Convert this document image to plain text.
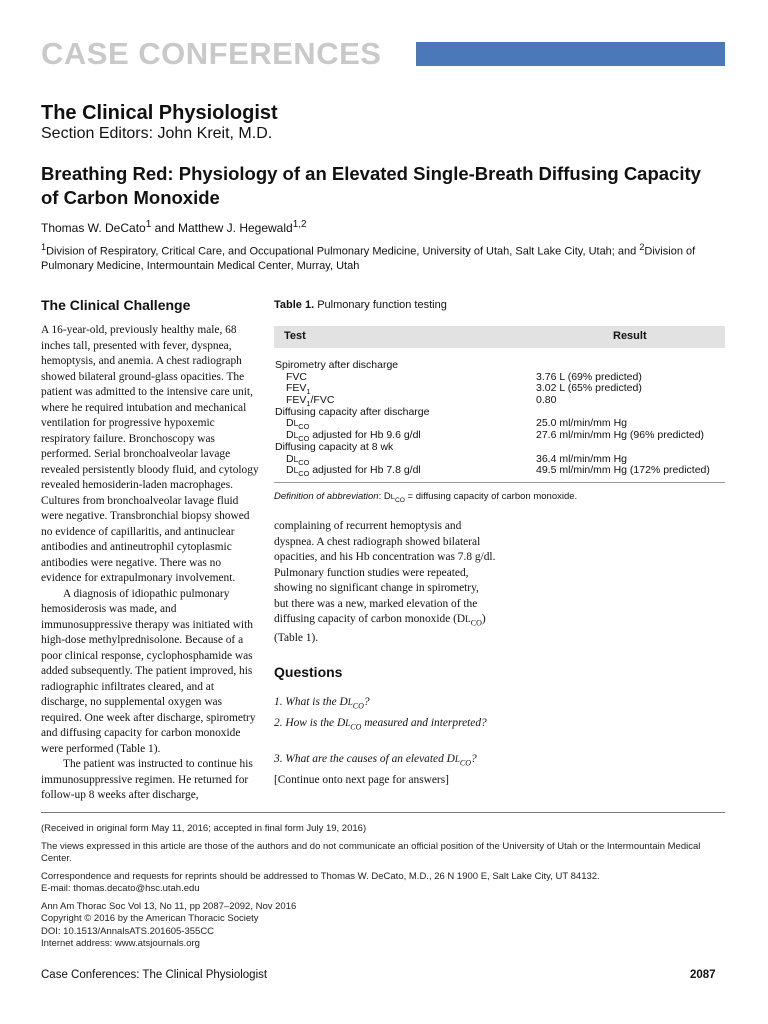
CASE CONFERENCES
The Clinical Physiologist
Section Editors: John Kreit, M.D.
Breathing Red: Physiology of an Elevated Single-Breath Diffusing Capacity of Carbon Monoxide
Thomas W. DeCato$^1$ and Matthew J. Hegewald$^{1,2}$
$^1$Division of Respiratory, Critical Care, and Occupational Pulmonary Medicine, University of Utah, Salt Lake City, Utah; and $^2$Division of Pulmonary Medicine, Intermountain Medical Center, Murray, Utah
The Clinical Challenge

A 16-year-old, previously healthy male, 68 inches tall, presented with fever, dyspnea, hemoptysis, and anemia. A chest radiograph showed bilateral ground-glass opacities. The patient was admitted to the intensive care unit, where he required intubation and mechanical ventilation for progressive hypoxemic respiratory failure. Bronchoscopy was performed. Serial bronchoalveolar lavage revealed persistently bloody fluid, and cytology revealed hemosiderin-laden macrophages. Cultures from bronchoalveolar lavage fluid were negative. Transbronchial biopsy showed no evidence of capillaritis, and antinuclear antibodies and antineutrophil cytoplasmic antibodies were negative. There was no evidence for extrapulmonary involvement.

A diagnosis of idiopathic pulmonary hemosiderosis was made, and immunosuppressive therapy was initiated with high-dose methylprednisolone. Because of a poor clinical response, cyclophosphamide was added subsequently. The patient improved, his radiographic infiltrates cleared, and at discharge, no supplemental oxygen was required. One week after discharge, spirometry and diffusing capacity for carbon monoxide were performed (Table 1).

The patient was instructed to continue his immunosuppressive regimen. He returned for follow-up 8 weeks after discharge,

Table 1. Pulmonary function testing
Test	Result
Spirometry after discharge
FVC	3.76 L (69% predicted)
$FEV_1$	3.02 L (65% predicted)
$FEV_1$/FVC	0.80
Diffusing capacity after discharge
$DL_{CO}$	25.0 ml/min/mm Hg
$DL_{CO}$ adjusted for Hb 9.6 g/dl	27.6 ml/min/mm Hg (96% predicted)
Diffusing capacity at 8 wk
$DL_{CO}$	36.4 ml/min/mm Hg
$DL_{CO}$ adjusted for Hb 7.8 g/dl	49.5 ml/min/mm Hg (172% predicted)
Definition of abbreviation: $DL_{CO}$ = diffusing capacity of carbon monoxide.
complaining of recurrent hemoptysis and dyspnea. A chest radiograph showed bilateral opacities, and his Hb concentration was 7.8 g/dl. Pulmonary function studies were repeated, showing no significant change in spirometry, but there was a new, marked elevation of the diffusing capacity of carbon monoxide $(DL_{CO})$ (Table 1).
Questions
1. What is the $DL_{CO}$?
2. How is the $DL_{CO}$ measured and interpreted?
3. What are the causes of an elevated $DL_{CO}$?
[Continue onto next page for answers]

(Received in original form May 11, 2016; accepted in final form July 19, 2016)

The views expressed in this article are those of the authors and do not communicate an official position of the University of Utah or the Intermountain Medical Center.

Correspondence and requests for reprints should be addressed to Thomas W. DeCato, M.D., 26 N 1900 E, Salt Lake City, UT 84132.
E-mail: thomas.decato@hsc.utah.edu

Ann Am Thorac Soc Vol 13, No 11, pp 2087–2092, Nov 2016
Copyright © 2016 by the American Thoracic Society
DOI: 10.1513/AnnalsATS.201605-355CC
Internet address: www.atsjournals.org

Case Conferences: The Clinical Physiologist	2087
